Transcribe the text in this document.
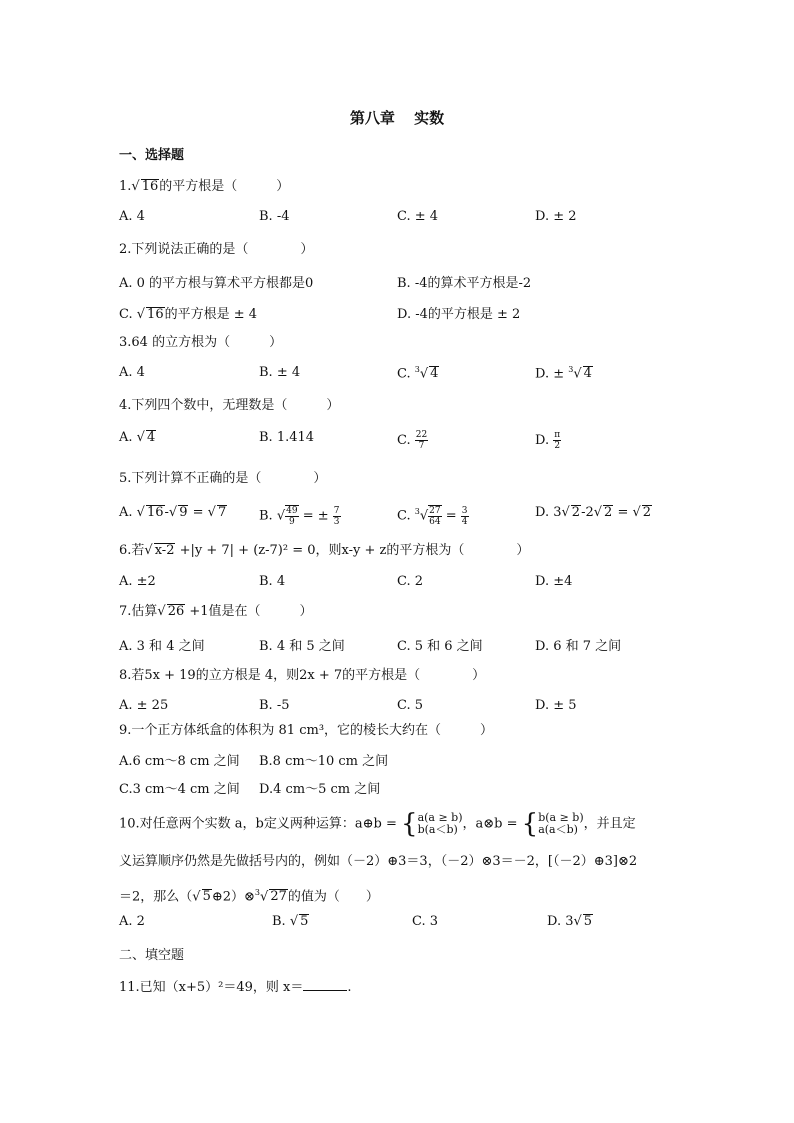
第八章 实数
一、选择题
1.√ 16的平方根是（　　　）
A. 4	B. -4	C. ± 4	D. ± 2
2.下列说法正确的是（　　　　）
A. 0 的平方根与算术平方根都是0	B. -4的算术平方根是-2
C. √ 16的平方根是 ± 4	D. -4的平方根是 ± 2
3.64 的立方根为（　　　）
A. 4	B. ± 4	C. $^3$√ 4	D. ± $^3$√ 4
4.下列四个数中，无理数是（　　　）
A. √ 4	B. 1.414	C. $\frac{22}{7}$	D. $\frac{\pi}{2}$
5.下列计算不正确的是（　　　　）
A. √ 16-√ 9 = √ 7	B. √ $\frac{49}{9}$ = ± $\frac{7}{3}$	C. $^3√ \frac{27}{64} = \frac{3}{4}$	D. 3√ 2-2√ 2 = √ 2
6.若√ x-2 +|y + 7| + (z-7)² = 0，则x-y + z的平方根为（　　　　）
A. ±2	B. 4	C. 2	D. ±4
7.估算√ 26 +1值是在（　　　）
A. 3 和 4 之间	B. 4 和 5 之间	C. 5 和 6 之间	D. 6 和 7 之间
8.若5x + 19的立方根是 4，则2x + 7的平方根是（　　　　）
A. ± 25	B. -5	C. 5	D. ± 5
9.一个正方体纸盒的体积为 81 cm³，它的棱长大约在（　　　）
A.6 cm～8 cm 之间 B.8 cm～10 cm 之间
C.3 cm～4 cm 之间 D.4 cm～5 cm 之间
10.对任意两个实数 a，b定义两种运算：a⊕b = { a(a ≥ b)
b(a＜b) ，a⊗b = { b(a ≥ b)
a(a＜b) ，并且定
义运算顺序仍然是先做括号内的，例如（－2）⊕3＝3，（－2）⊗3＝－2，[（－2）⊕3]⊗2
＝2，那么（√ 5⊕2）⊗$^3$√ 27的值为（　　）
A. 2	B. √ 5	C. 3	D. 3√ 5
二、填空题
11.已知（x+5）²＝49，则 x＝	.
